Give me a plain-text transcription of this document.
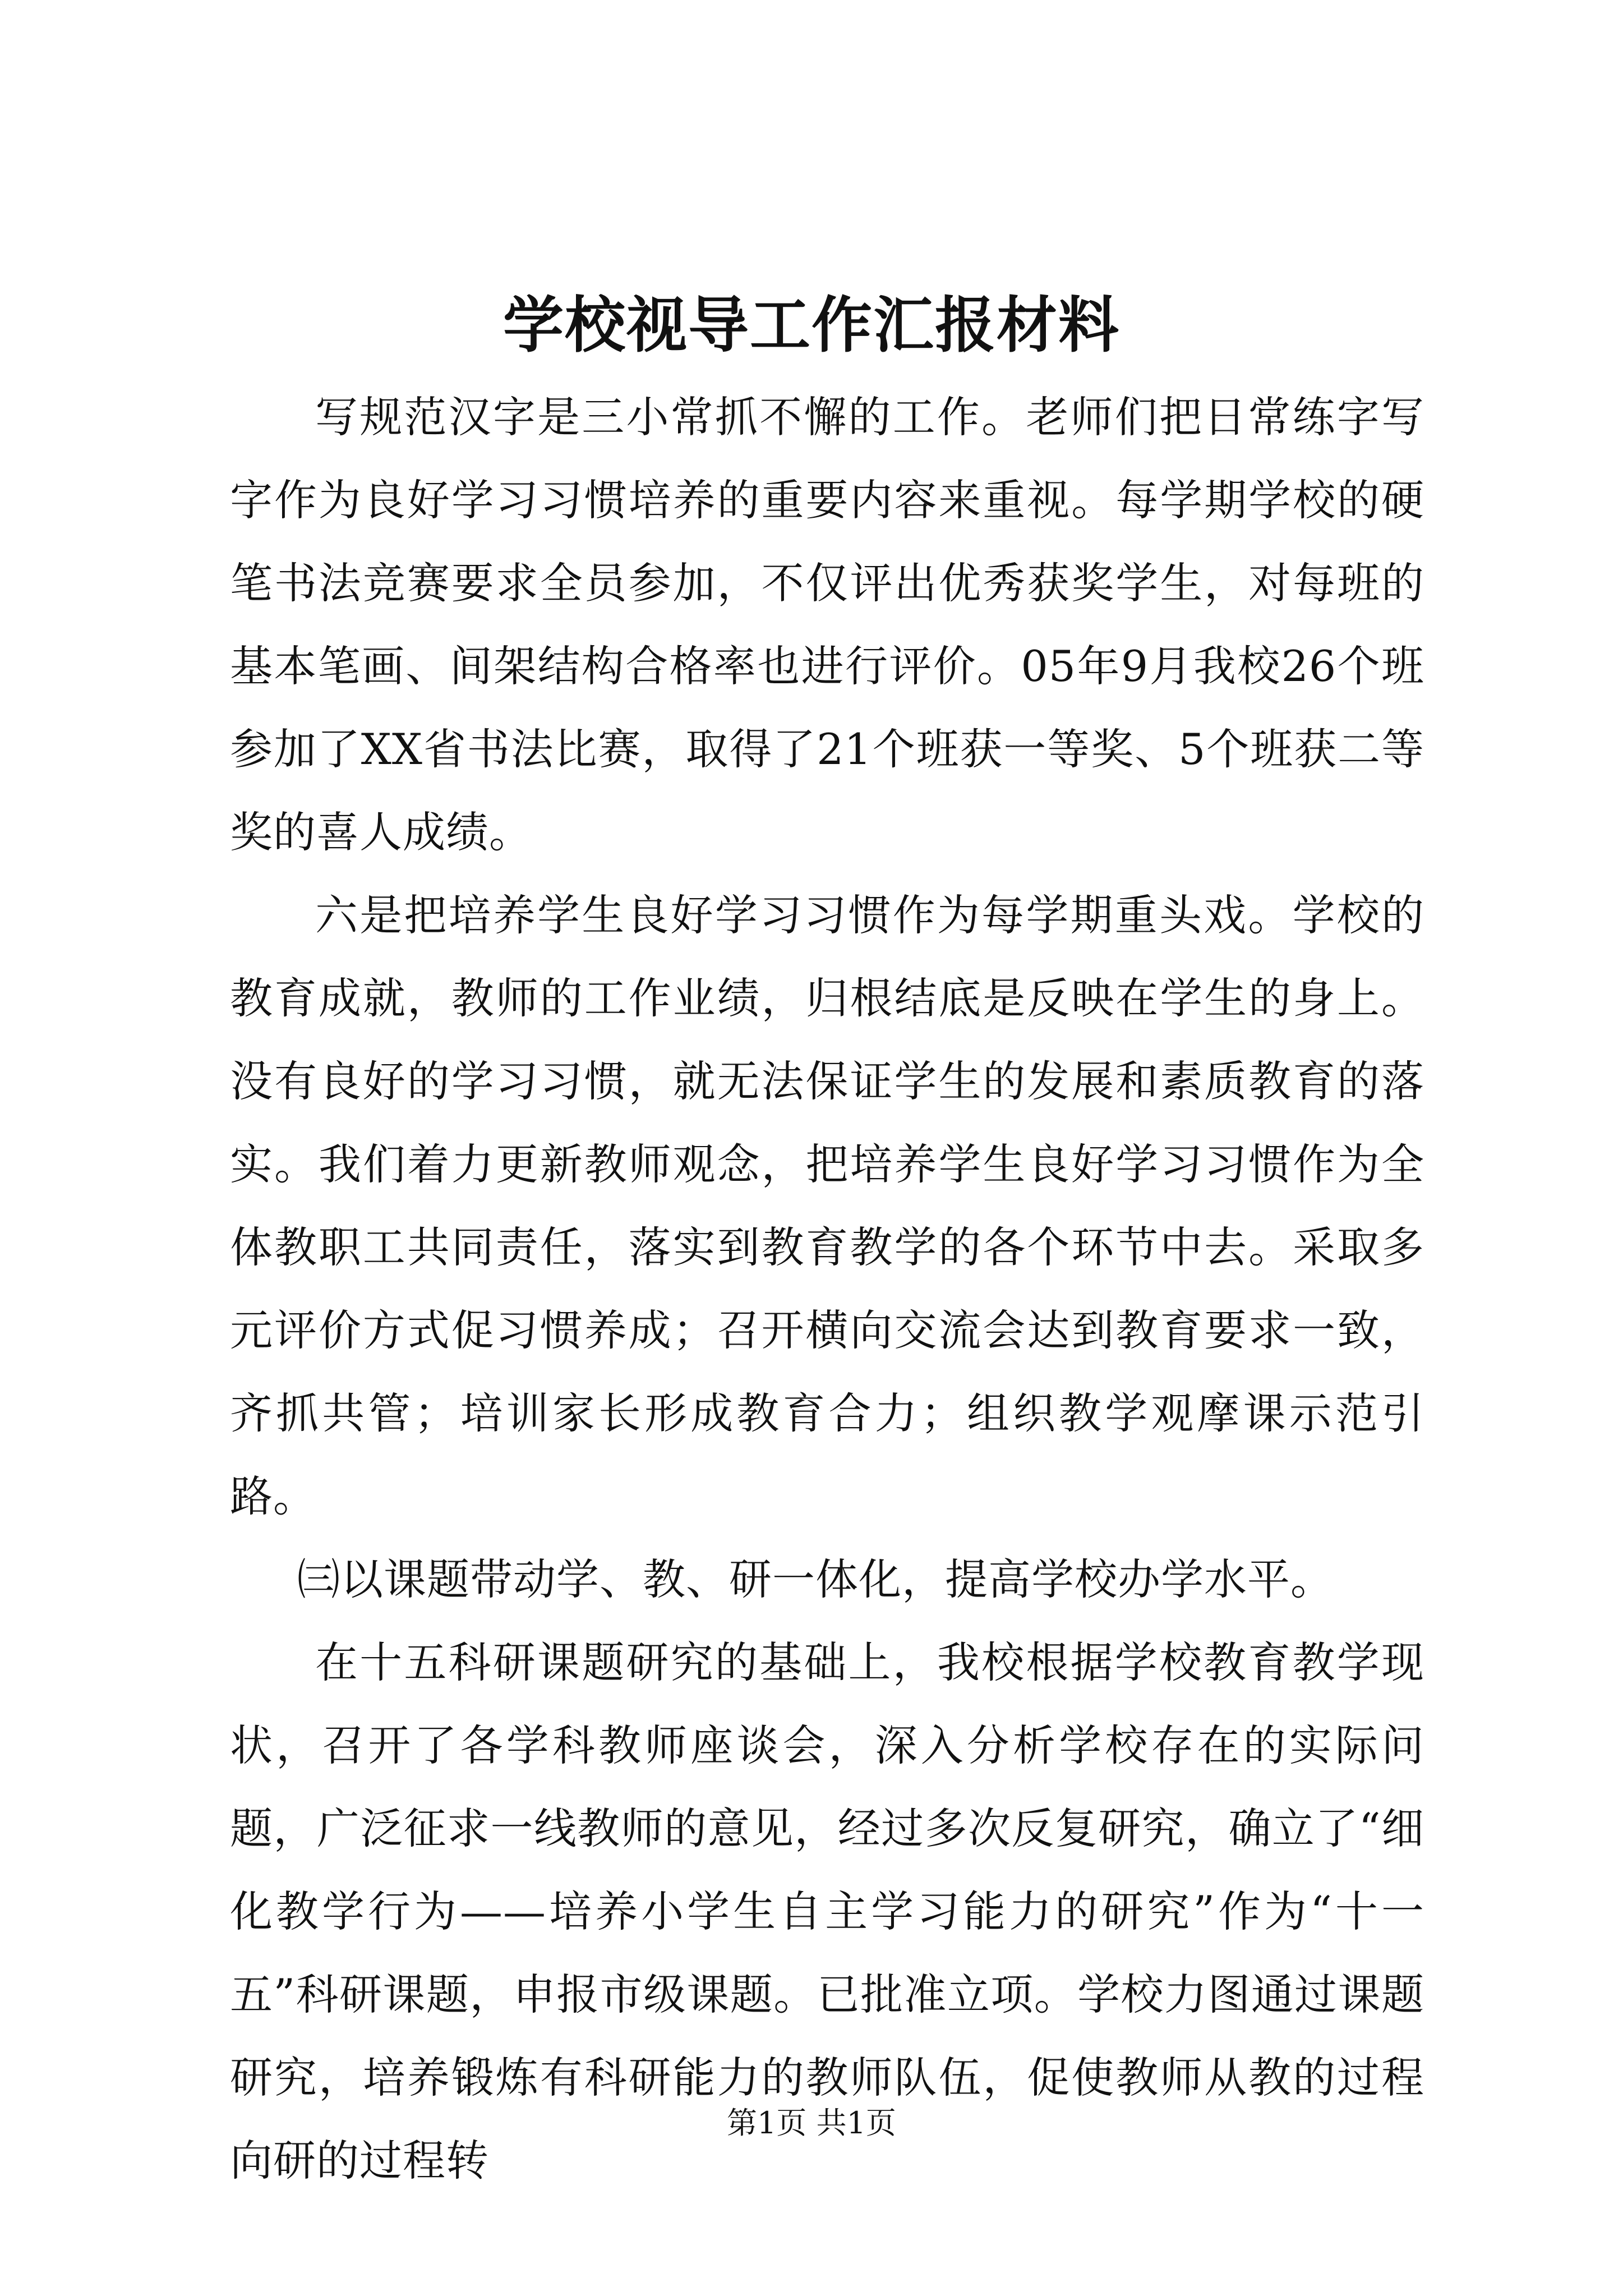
学校视导工作汇报材料

写规范汉字是三小常抓不懈的工作。老师们把日常练字写字作为良好学习习惯培养的重要内容来重视。每学期学校的硬笔书法竞赛要求全员参加，不仅评出优秀获奖学生，对每班的基本笔画、间架结构合格率也进行评价。05年9月我校26个班参加了XX省书法比赛，取得了21个班获一等奖、5个班获二等奖的喜人成绩。

六是把培养学生良好学习习惯作为每学期重头戏。学校的教育成就，教师的工作业绩，归根结底是反映在学生的身上。没有良好的学习习惯，就无法保证学生的发展和素质教育的落实。我们着力更新教师观念，把培养学生良好学习习惯作为全体教职工共同责任，落实到教育教学的各个环节中去。采取多元评价方式促习惯养成；召开横向交流会达到教育要求一致，齐抓共管；培训家长形成教育合力；组织教学观摩课示范引路。

㈢以课题带动学、教、研一体化，提高学校办学水平。

在十五科研课题研究的基础上，我校根据学校教育教学现状，召开了各学科教师座谈会，深入分析学校存在的实际问题，广泛征求一线教师的意见，经过多次反复研究，确立了“细化教学行为——培养小学生自主学习能力的研究”作为“十一五”科研课题，申报市级课题。已批准立项。学校力图通过课题研究，培养锻炼有科研能力的教师队伍，促使教师从教的过程向研的过程转

第1页 共1页
